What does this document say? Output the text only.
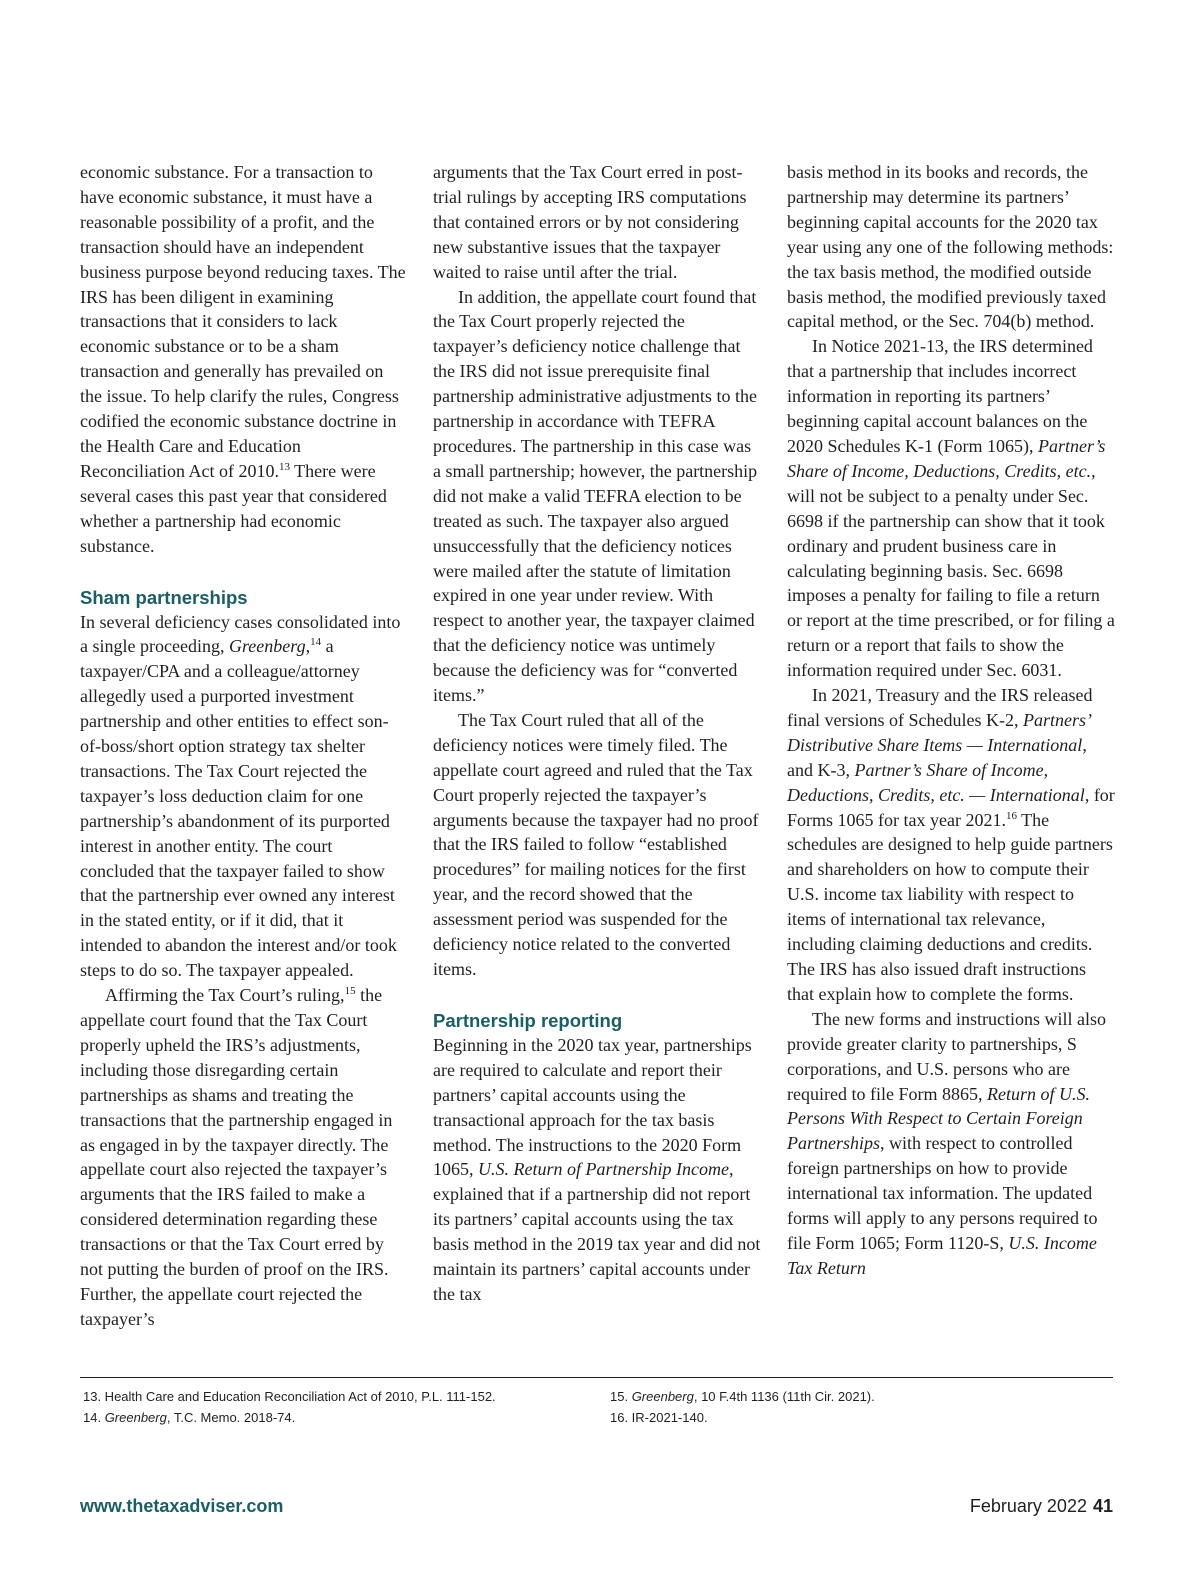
economic substance. For a transaction to have economic substance, it must have a reasonable possibility of a profit, and the transaction should have an independent business purpose beyond reducing taxes. The IRS has been diligent in examining transactions that it considers to lack economic substance or to be a sham transaction and generally has prevailed on the issue. To help clarify the rules, Congress codified the economic substance doctrine in the Health Care and Education Reconciliation Act of 2010.13 There were several cases this past year that considered whether a partnership had economic substance.

Sham partnerships

In several deficiency cases consolidated into a single proceeding, Greenberg,$^{14}$ a taxpayer/CPA and a colleague/attorney allegedly used a purported investment partnership and other entities to effect son-of-boss/short option strategy tax shelter transactions. The Tax Court rejected the taxpayer’s loss deduction claim for one partnership’s abandonment of its purported interest in another entity. The court concluded that the taxpayer failed to show that the partnership ever owned any interest in the stated entity, or if it did, that it intended to abandon the interest and/or took steps to do so. The taxpayer appealed.

Affirming the Tax Court’s ruling,$^{15}$ the appellate court found that the Tax Court properly upheld the IRS’s adjustments, including those disregarding certain partnerships as shams and treating the transactions that the partnership engaged in as engaged in by the taxpayer directly. The appellate court also rejected the taxpayer’s arguments that the IRS failed to make a considered determination regarding these transactions or that the Tax Court erred by not putting the burden of proof on the IRS. Further, the appellate court rejected the taxpayer’s

arguments that the Tax Court erred in post-trial rulings by accepting IRS computations that contained errors or by not considering new substantive issues that the taxpayer waited to raise until after the trial.

In addition, the appellate court found that the Tax Court properly rejected the taxpayer’s deficiency notice challenge that the IRS did not issue prerequisite final partnership administrative adjustments to the partnership in accordance with TEFRA procedures. The partnership in this case was a small partnership; however, the partnership did not make a valid TEFRA election to be treated as such. The taxpayer also argued unsuccessfully that the deficiency notices were mailed after the statute of limitation expired in one year under review. With respect to another year, the taxpayer claimed that the deficiency notice was untimely because the deficiency was for “converted items.”

The Tax Court ruled that all of the deficiency notices were timely filed. The appellate court agreed and ruled that the Tax Court properly rejected the taxpayer’s arguments because the taxpayer had no proof that the IRS failed to follow “established procedures” for mailing notices for the first year, and the record showed that the assessment period was suspended for the deficiency notice related to the converted items.

Partnership reporting

Beginning in the 2020 tax year, partnerships are required to calculate and report their partners’ capital accounts using the transactional approach for the tax basis method. The instructions to the 2020 Form 1065, U.S. Return of Partnership Income, explained that if a partnership did not report its partners’ capital accounts using the tax basis method in the 2019 tax year and did not maintain its partners’ capital accounts under the tax

basis method in its books and records, the partnership may determine its partners’ beginning capital accounts for the 2020 tax year using any one of the following methods: the tax basis method, the modified outside basis method, the modified previously taxed capital method, or the Sec. 704(b) method.

In Notice 2021-13, the IRS determined that a partnership that includes incorrect information in reporting its partners’ beginning capital account balances on the 2020 Schedules K-1 (Form 1065), Partner’s Share of Income, Deductions, Credits, etc., will not be subject to a penalty under Sec. 6698 if the partnership can show that it took ordinary and prudent business care in calculating beginning basis. Sec. 6698 imposes a penalty for failing to file a return or report at the time prescribed, or for filing a return or a report that fails to show the information required under Sec. 6031.

In 2021, Treasury and the IRS released final versions of Schedules K-2, Partners’ Distributive Share Items — International, and K-3, Partner’s Share of Income, Deductions, Credits, etc. — International, for Forms 1065 for tax year 2021.16 The schedules are designed to help guide partners and shareholders on how to compute their U.S. income tax liability with respect to items of international tax relevance, including claiming deductions and credits. The IRS has also issued draft instructions that explain how to complete the forms.

The new forms and instructions will also provide greater clarity to partnerships, S corporations, and U.S. persons who are required to file Form 8865, Return of U.S. Persons With Respect to Certain Foreign Partnerships, with respect to controlled foreign partnerships on how to provide international tax information. The updated forms will apply to any persons required to file Form 1065; Form 1120-S, U.S. Income Tax Return

13. Health Care and Education Reconciliation Act of 2010, P.L. 111-152.
14. Greenberg, T.C. Memo. 2018-74.
15. Greenberg, 10 F.4th 1136 (11th Cir. 2021).
16. IR-2021-140.
www.thetaxadviser.com	February 2022 41
